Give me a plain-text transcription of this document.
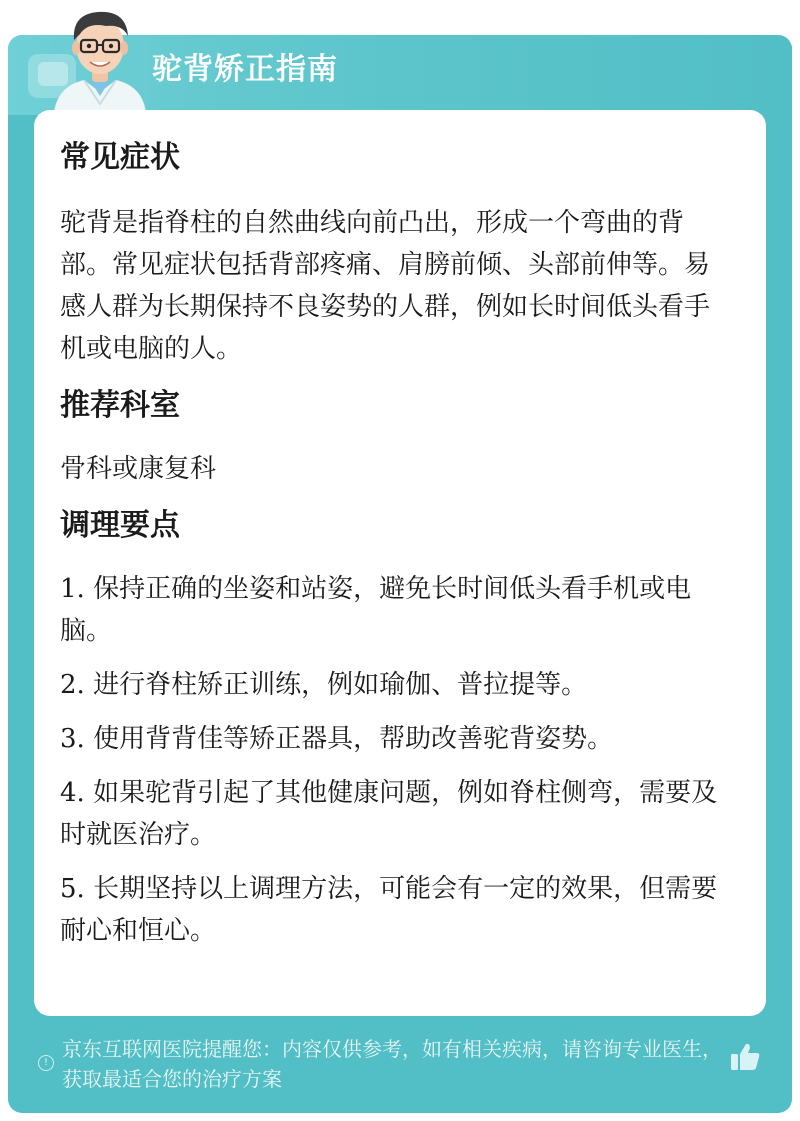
驼背矫正指南
常见症状
驼背是指脊柱的自然曲线向前凸出，形成一个弯曲的背部。常见症状包括背部疼痛、肩膀前倾、头部前伸等。易感人群为长期保持不良姿势的人群，例如长时间低头看手机或电脑的人。
推荐科室
骨科或康复科
调理要点
1. 保持正确的坐姿和站姿，避免长时间低头看手机或电脑。
2. 进行脊柱矫正训练，例如瑜伽、普拉提等。
3. 使用背背佳等矫正器具，帮助改善驼背姿势。
4. 如果驼背引起了其他健康问题，例如脊柱侧弯，需要及时就医治疗。
5. 长期坚持以上调理方法，可能会有一定的效果，但需要耐心和恒心。
!
京东互联网医院提醒您：内容仅供参考，如有相关疾病，请咨询专业医生，获取最适合您的治疗方案
